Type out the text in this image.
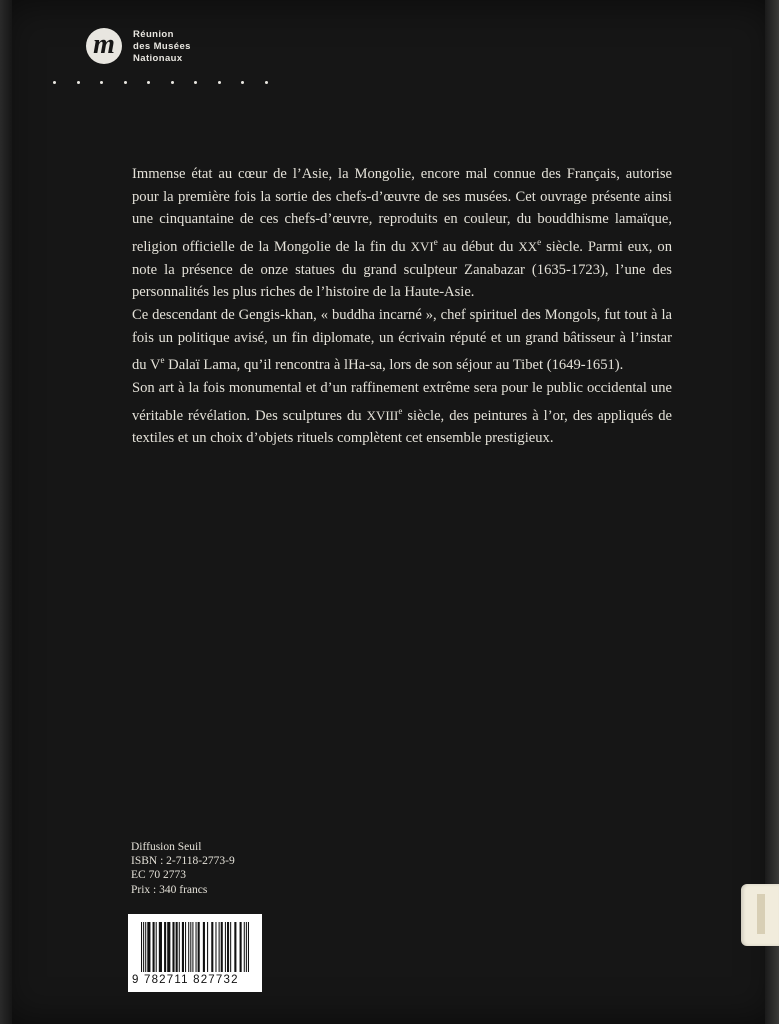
m	Réunion
des Musées
Nationaux

Immense état au cœur de l’Asie, la Mongolie, encore mal connue des Français, autorise pour la première fois la sortie des chefs-d’œuvre de ses musées. Cet ouvrage présente ainsi une cinquantaine de ces chefs-d’œuvre, reproduits en couleur, du bouddhisme lamaïque, religion officielle de la Mongolie de la fin du XVIe au début du XXe siècle. Parmi eux, on note la présence de onze statues du grand sculpteur Zanabazar (1635-1723), l’une des personnalités les plus riches de l’histoire de la Haute-Asie.

Ce descendant de Gengis-khan, « buddha incarné », chef spirituel des Mongols, fut tout à la fois un politique avisé, un fin diplomate, un écrivain réputé et un grand bâtisseur à l’instar du Ve Dalaï Lama, qu’il rencontra à lHa-sa, lors de son séjour au Tibet (1649-1651).

Son art à la fois monumental et d’un raffinement extrême sera pour le public occidental une véritable révélation. Des sculptures du XVIIIe siècle, des peintures à l’or, des appliqués de textiles et un choix d’objets rituels complètent cet ensemble prestigieux.

Diffusion Seuil
ISBN : 2-7118-2773-9
EC 70 2773
Prix : 340 francs
9 782711 827732
